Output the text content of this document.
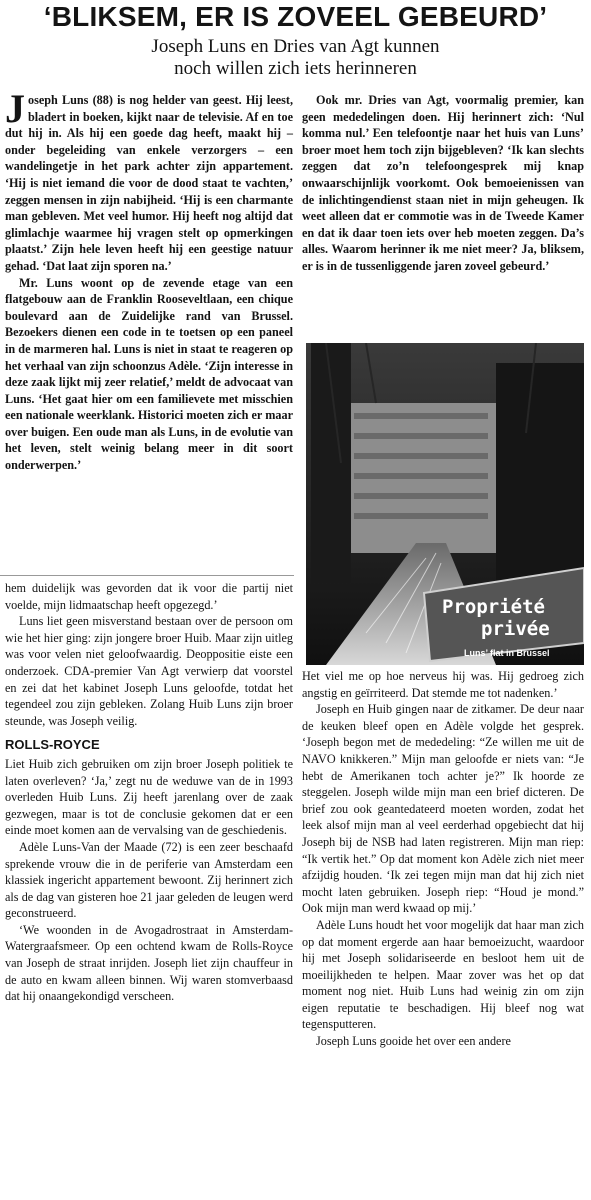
‘BLIKSEM, ER IS ZOVEEL GEBEURD’
Joseph Luns en Dries van Agt kunnen
noch willen zich iets herinneren

Joseph Luns (88) is nog helder van geest. Hij leest, bladert in boeken, kijkt naar de televisie. Af en toe dut hij in. Als hij een goede dag heeft, maakt hij – onder begeleiding van enkele verzorgers – een wandelingetje in het park achter zijn appartement. ‘Hij is niet iemand die voor de dood staat te vachten,’ zeggen mensen in zijn nabijheid. ‘Hij is een charmante man gebleven. Met veel humor. Hij heeft nog altijd dat glimlachje waarmee hij vragen stelt op opmerkingen plaatst.’ Zijn hele leven heeft hij een geestige natuur gehad. ‘Dat laat zijn sporen na.’

Mr. Luns woont op de zevende etage van een flatgebouw aan de Franklin Rooseveltlaan, een chique boulevard aan de Zuidelijke rand van Brussel. Bezoekers dienen een code in te toetsen op een paneel in de marmeren hal. Luns is niet in staat te reageren op het verhaal van zijn schoonzus Adèle. ‘Zijn interesse in deze zaak lijkt mij zeer relatief,’ meldt de advocaat van Luns. ‘Het gaat hier om een familievete met misschien een nationale weerklank. Historici moeten zich er maar over buigen. Een oude man als Luns, in de evolutie van het leven, stelt weinig belang meer in dit soort onderwerpen.’

Ook mr. Dries van Agt, voormalig premier, kan geen mededelingen doen. Hij herinnert zich: ‘Nul komma nul.’ Een telefoontje naar het huis van Luns’ broer moet hem toch zijn bijgebleven? ‘Ik kan slechts zeggen dat zo’n telefoongesprek mij knap onwaarschijnlijk voorkomt. Ook bemoeienissen van de inlichtingendienst staan niet in mijn geheugen. Ik weet alleen dat er commotie was in de Tweede Kamer en dat ik daar toen iets over heb moeten zeggen. Da’s alles. Waarom herinner ik me niet meer? Ja, bliksem, er is in de tussenliggende jaren zoveel gebeurd.’

Propriété
privée
Luns’ flat in Brussel

hem duidelijk was gevorden dat ik voor die partij niet voelde, mijn lidmaatschap heeft opgezegd.’

Luns liet geen misverstand bestaan over de persoon om wie het hier ging: zijn jongere broer Huib. Maar zijn uitleg was voor velen niet geloofwaardig. Deoppositie eiste een onderzoek. CDA-premier Van Agt verwierp dat voorstel en zei dat het kabinet Joseph Luns geloofde, totdat het tegendeel zou zijn gebleken. Zolang Huib Luns zijn broer steunde, was Joseph veilig.

ROLLS-ROYCE

Liet Huib zich gebruiken om zijn broer Joseph politiek te laten overleven? ‘Ja,’ zegt nu de weduwe van de in 1993 overleden Huib Luns. Zij heeft jarenlang over de zaak gezwegen, maar is tot de conclusie gekomen dat er een einde moet komen aan de vervalsing van de geschiedenis.

Adèle Luns-Van der Maade (72) is een zeer beschaafd sprekende vrouw die in de periferie van Amsterdam een klassiek ingericht appartement bewoont. Zij herinnert zich als de dag van gisteren hoe 21 jaar geleden de leugen werd geconstrueerd.

‘We woonden in de Avogadrostraat in Amsterdam-Watergraafsmeer. Op een ochtend kwam de Rolls-Royce van Joseph de straat inrijden. Joseph liet zijn chauffeur in de auto en kwam alleen binnen. Wij waren stomverbaasd dat hij onaangekondigd verscheen.

Het viel me op hoe nerveus hij was. Hij gedroeg zich angstig en geïrriteerd. Dat stemde me tot nadenken.’

Joseph en Huib gingen naar de zitkamer. De deur naar de keuken bleef open en Adèle volgde het gesprek. ‘Joseph begon met de mededeling: “Ze willen me uit de NAVO knikkeren.” Mijn man geloofde er niets van: “Je hebt de Amerikanen toch achter je?” Ik hoorde ze steggelen. Joseph wilde mijn man een brief dicteren. De brief zou ook geantedateerd moeten worden, zodat het leek alsof mijn man al veel eerderhad opgebiecht dat hij Joseph bij de NSB had laten registreren. Mijn man riep: “Ik vertik het.” Op dat moment kon Adèle zich niet meer afzijdig houden. ‘Ik zei tegen mijn man dat hij zich niet mocht laten gebruiken. Joseph riep: “Houd je mond.” Ook mijn man werd kwaad op mij.’

Adèle Luns houdt het voor mogelijk dat haar man zich op dat moment ergerde aan haar bemoeizucht, waardoor hij met Joseph solidariseerde en besloot hem uit de moeilijkheden te helpen. Maar zover was het op dat moment nog niet. Huib Luns had weinig zin om zijn eigen reputatie te beschadigen. Hij bleef nog wat tegensputteren.

Joseph Luns gooide het over een andere
